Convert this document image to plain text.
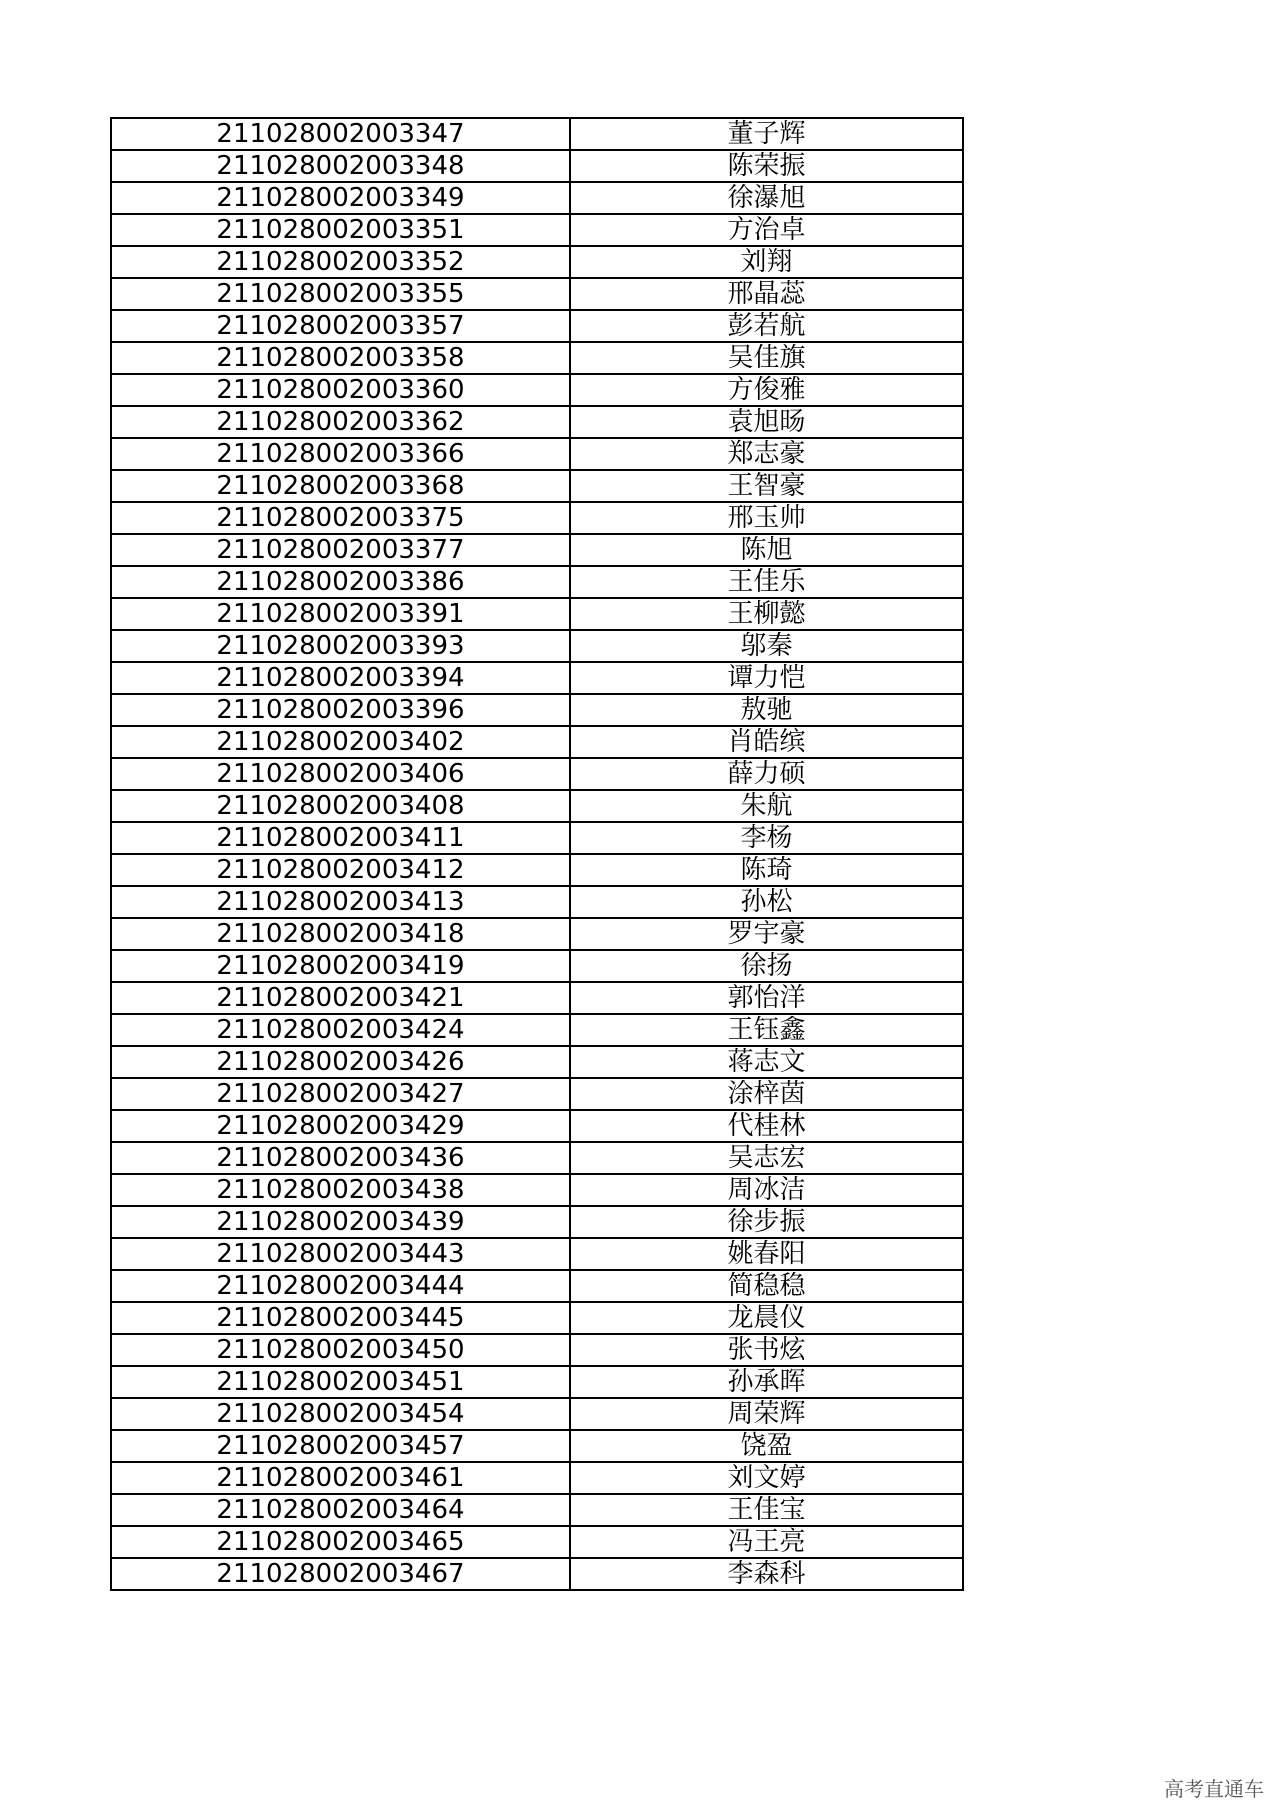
211028002003347	董子辉
211028002003348	陈荣振
211028002003349	徐瀑旭
211028002003351	方治卓
211028002003352	刘翔
211028002003355	邢晶蕊
211028002003357	彭若航
211028002003358	吴佳旗
211028002003360	方俊雅
211028002003362	袁旭旸
211028002003366	郑志豪
211028002003368	王智豪
211028002003375	邢玉帅
211028002003377	陈旭
211028002003386	王佳乐
211028002003391	王柳懿
211028002003393	邬秦
211028002003394	谭力恺
211028002003396	敖驰
211028002003402	肖皓缤
211028002003406	薛力硕
211028002003408	朱航
211028002003411	李杨
211028002003412	陈琦
211028002003413	孙松
211028002003418	罗宇豪
211028002003419	徐扬
211028002003421	郭怡洋
211028002003424	王钰鑫
211028002003426	蒋志文
211028002003427	涂梓茵
211028002003429	代桂林
211028002003436	吴志宏
211028002003438	周冰洁
211028002003439	徐步振
211028002003443	姚春阳
211028002003444	简稳稳
211028002003445	龙晨仪
211028002003450	张书炫
211028002003451	孙承晖
211028002003454	周荣辉
211028002003457	饶盈
211028002003461	刘文婷
211028002003464	王佳宝
211028002003465	冯王亮
211028002003467	李森科
高考直通车
